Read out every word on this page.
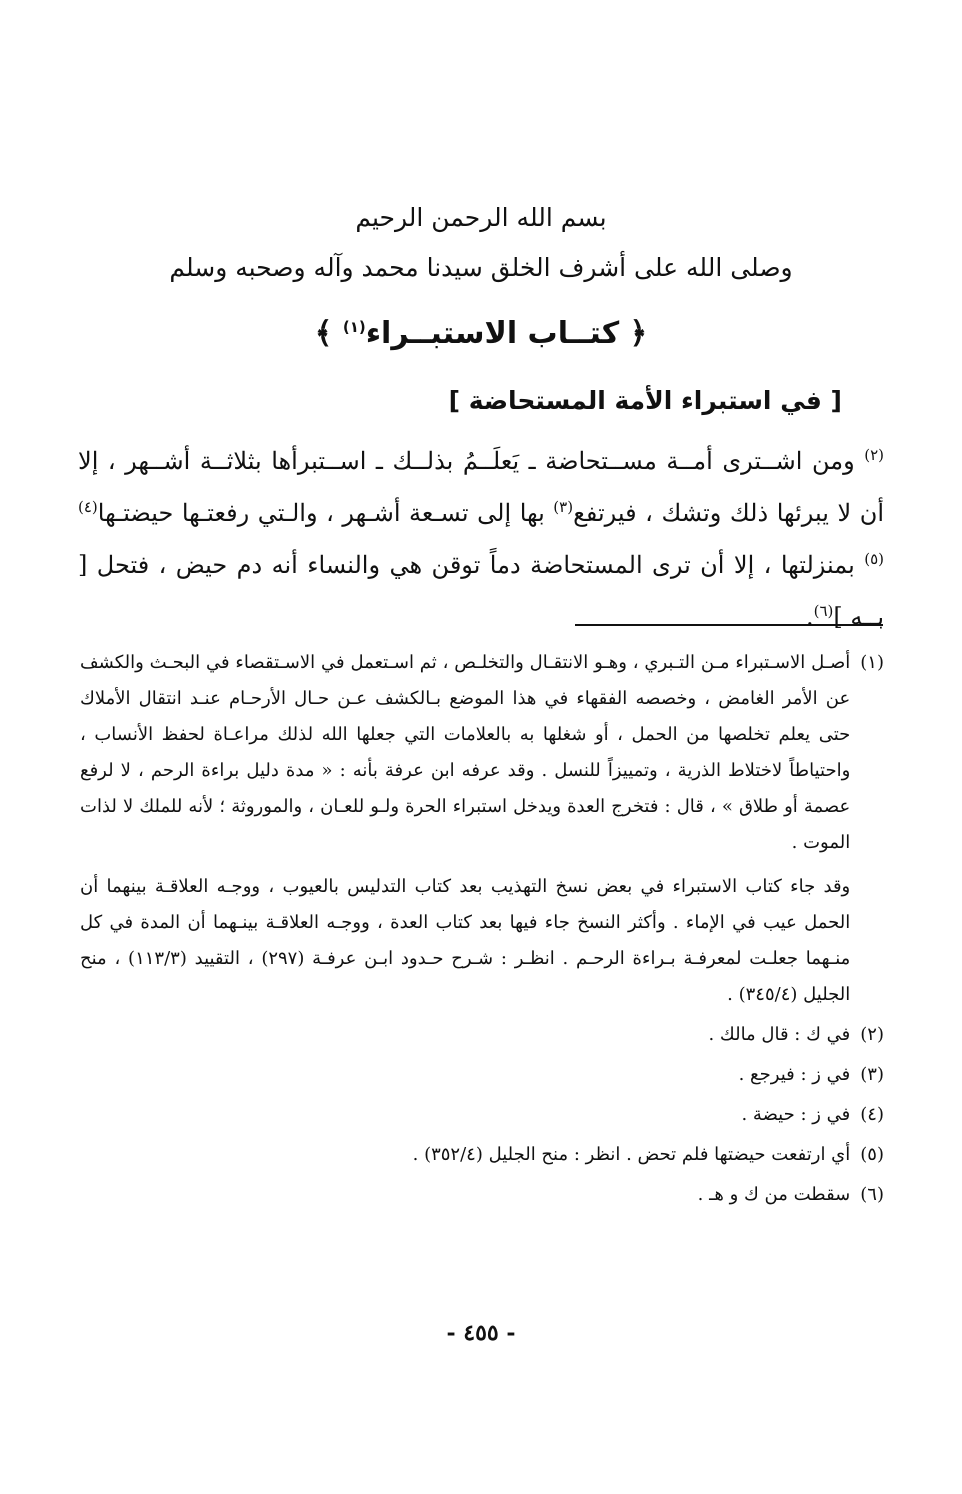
بسم الله الرحمن الرحيم
وصلى الله على أشرف الخلق سيدنا محمد وآله وصحبه وسلم
﴿ كتــاب الاستبــراء$^{(١)}$ ﴾
[ في استبراء الأمة المستحاضة ]

$^{(٢)}$ ومن اشــترى أمــة مســتحاضة ـ يَعلَــمُ بذلــك ـ اســتبرأها بثلاثــة أشــهر ، إلا أن لا يبرئها ذلك وتشك ، فيرتفع$^{(٣)}$ بها إلى تسـعة أشـهر ، والـتي رفعتـها حيضتـها$^{(٤)(٥)}$ بمنزلتها ، إلا أن ترى المستحاضة دماً توقن هي والنساء أنه دم حيض ، فتحل [ بــه ]$^{(٦)}$.

(١)

أصـل الاسـتبراء مـن التـبري ، وهـو الانتقـال والتخلـص ، ثم اسـتعمل في الاسـتقصاء في البحـث والكشف عن الأمر الغامض ، وخصصه الفقهاء في هذا الموضع بـالكشف عـن حـال الأرحـام عنـد انتقال الأملاك حتى يعلم تخلصها من الحمل ، أو شغلها به بالعلامات التي جعلها الله لذلك مراعـاة لحفظ الأنساب ، واحتياطاً لاختلاط الذرية ، وتمييزاً للنسل . وقد عرفه ابن عرفة بأنه : « مدة دليل براءة الرحم ، لا لرفع عصمة أو طلاق » ، قال : فتخرج العدة ويدخل استبراء الحرة ولـو للعـان ، والموروثة ؛ لأنه للملك لا لذات الموت .

وقد جاء كتاب الاستبراء في بعض نسخ التهذيب بعد كتاب التدليس بالعيوب ، ووجـه العلاقـة بينهما أن الحمل عيب في الإماء . وأكثر النسخ جاء فيها بعد كتاب العدة ، ووجـه العلاقـة بينـهما أن المدة في كل منـهما جعلـت لمعرفـة بـراءة الرحـم . انظـر : شـرح حـدود ابـن عرفـة (٢٩٧) ، التقييد (١١٣/٣) ، منح الجليل (٣٤٥/٤) .

(٢)
في ك : قال مالك .
(٣)
في ز : فيرجع .
(٤)
في ز : حيضة .
(٥)
أي ارتفعت حيضتها فلم تحض . انظر : منح الجليل (٣٥٢/٤) .
(٦)
سقطت من ك و هـ .
- ٤٥٥ -
